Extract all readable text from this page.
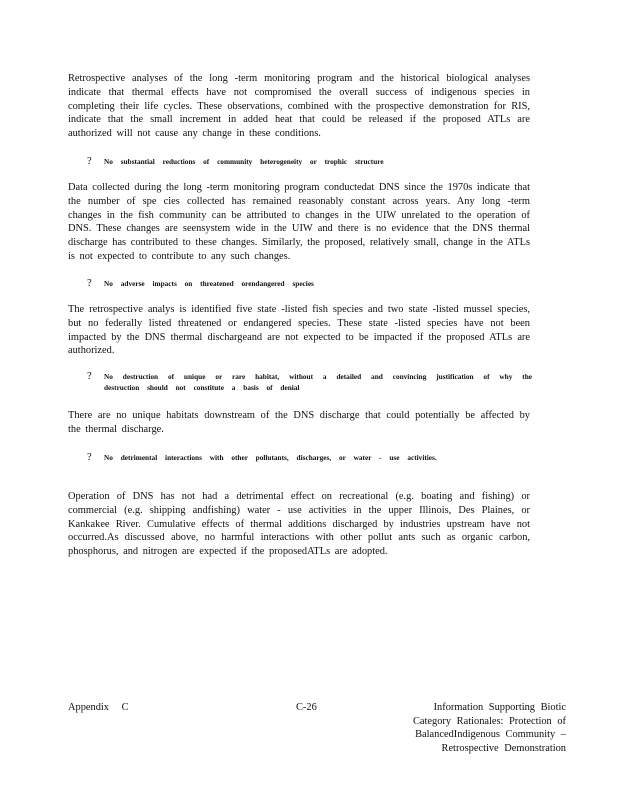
Retrospective analyses of the long -term monitoring program and the historical biological analyses indicate that thermal effects have not compromised the overall success of indigenous species in completing their life cycles. These observations, combined with the prospective demonstration for RIS, indicate that the small increment in added heat that could be released if the proposed ATLs are authorized will not cause any change in these conditions.

?	No substantial reductions of community heterogeneity or trophic structure

Data collected during the long -term monitoring program conductedat DNS since the 1970s indicate that the number of spe cies collected has remained reasonably constant across years. Any long -term changes in the fish community can be attributed to changes in the UIW unrelated to the operation of DNS. These changes are seensystem wide in the UIW and there is no evidence that the DNS thermal discharge has contributed to these changes. Similarly, the proposed, relatively small, change in the ATLs is not expected to contribute to any such changes.

?	No adverse impacts on threatened orendangered species

The retrospective analys is identified five state -listed fish species and two state -listed mussel species, but no federally listed threatened or endangered species. These state -listed species have not been impacted by the DNS thermal dischargeand are not expected to be impacted if the proposed ATLs are authorized.

?	No destruction of unique or rare habitat, without a detailed and convincing justification of why the destruction should not constitute a basis of denial

There are no unique habitats downstream of the DNS discharge that could potentially be affected by the thermal discharge.

?	No detrimental interactions with other pollutants, discharges, or water - use activities.

Operation of DNS has not had a detrimental effect on recreational (e.g. boating and fishing) or commercial (e.g. shipping andfishing) water - use activities in the upper Illinois, Des Plaines, or Kankakee River. Cumulative effects of thermal additions discharged by industries upstream have not occurred.As discussed above, no harmful interactions with other pollut ants such as organic carbon, phosphorus, and nitrogen are expected if the proposedATLs are adopted.

Appendix C	C-26	Information Supporting Biotic Category Rationales: Protection of BalancedIndigenous Community –Retrospective Demonstration
